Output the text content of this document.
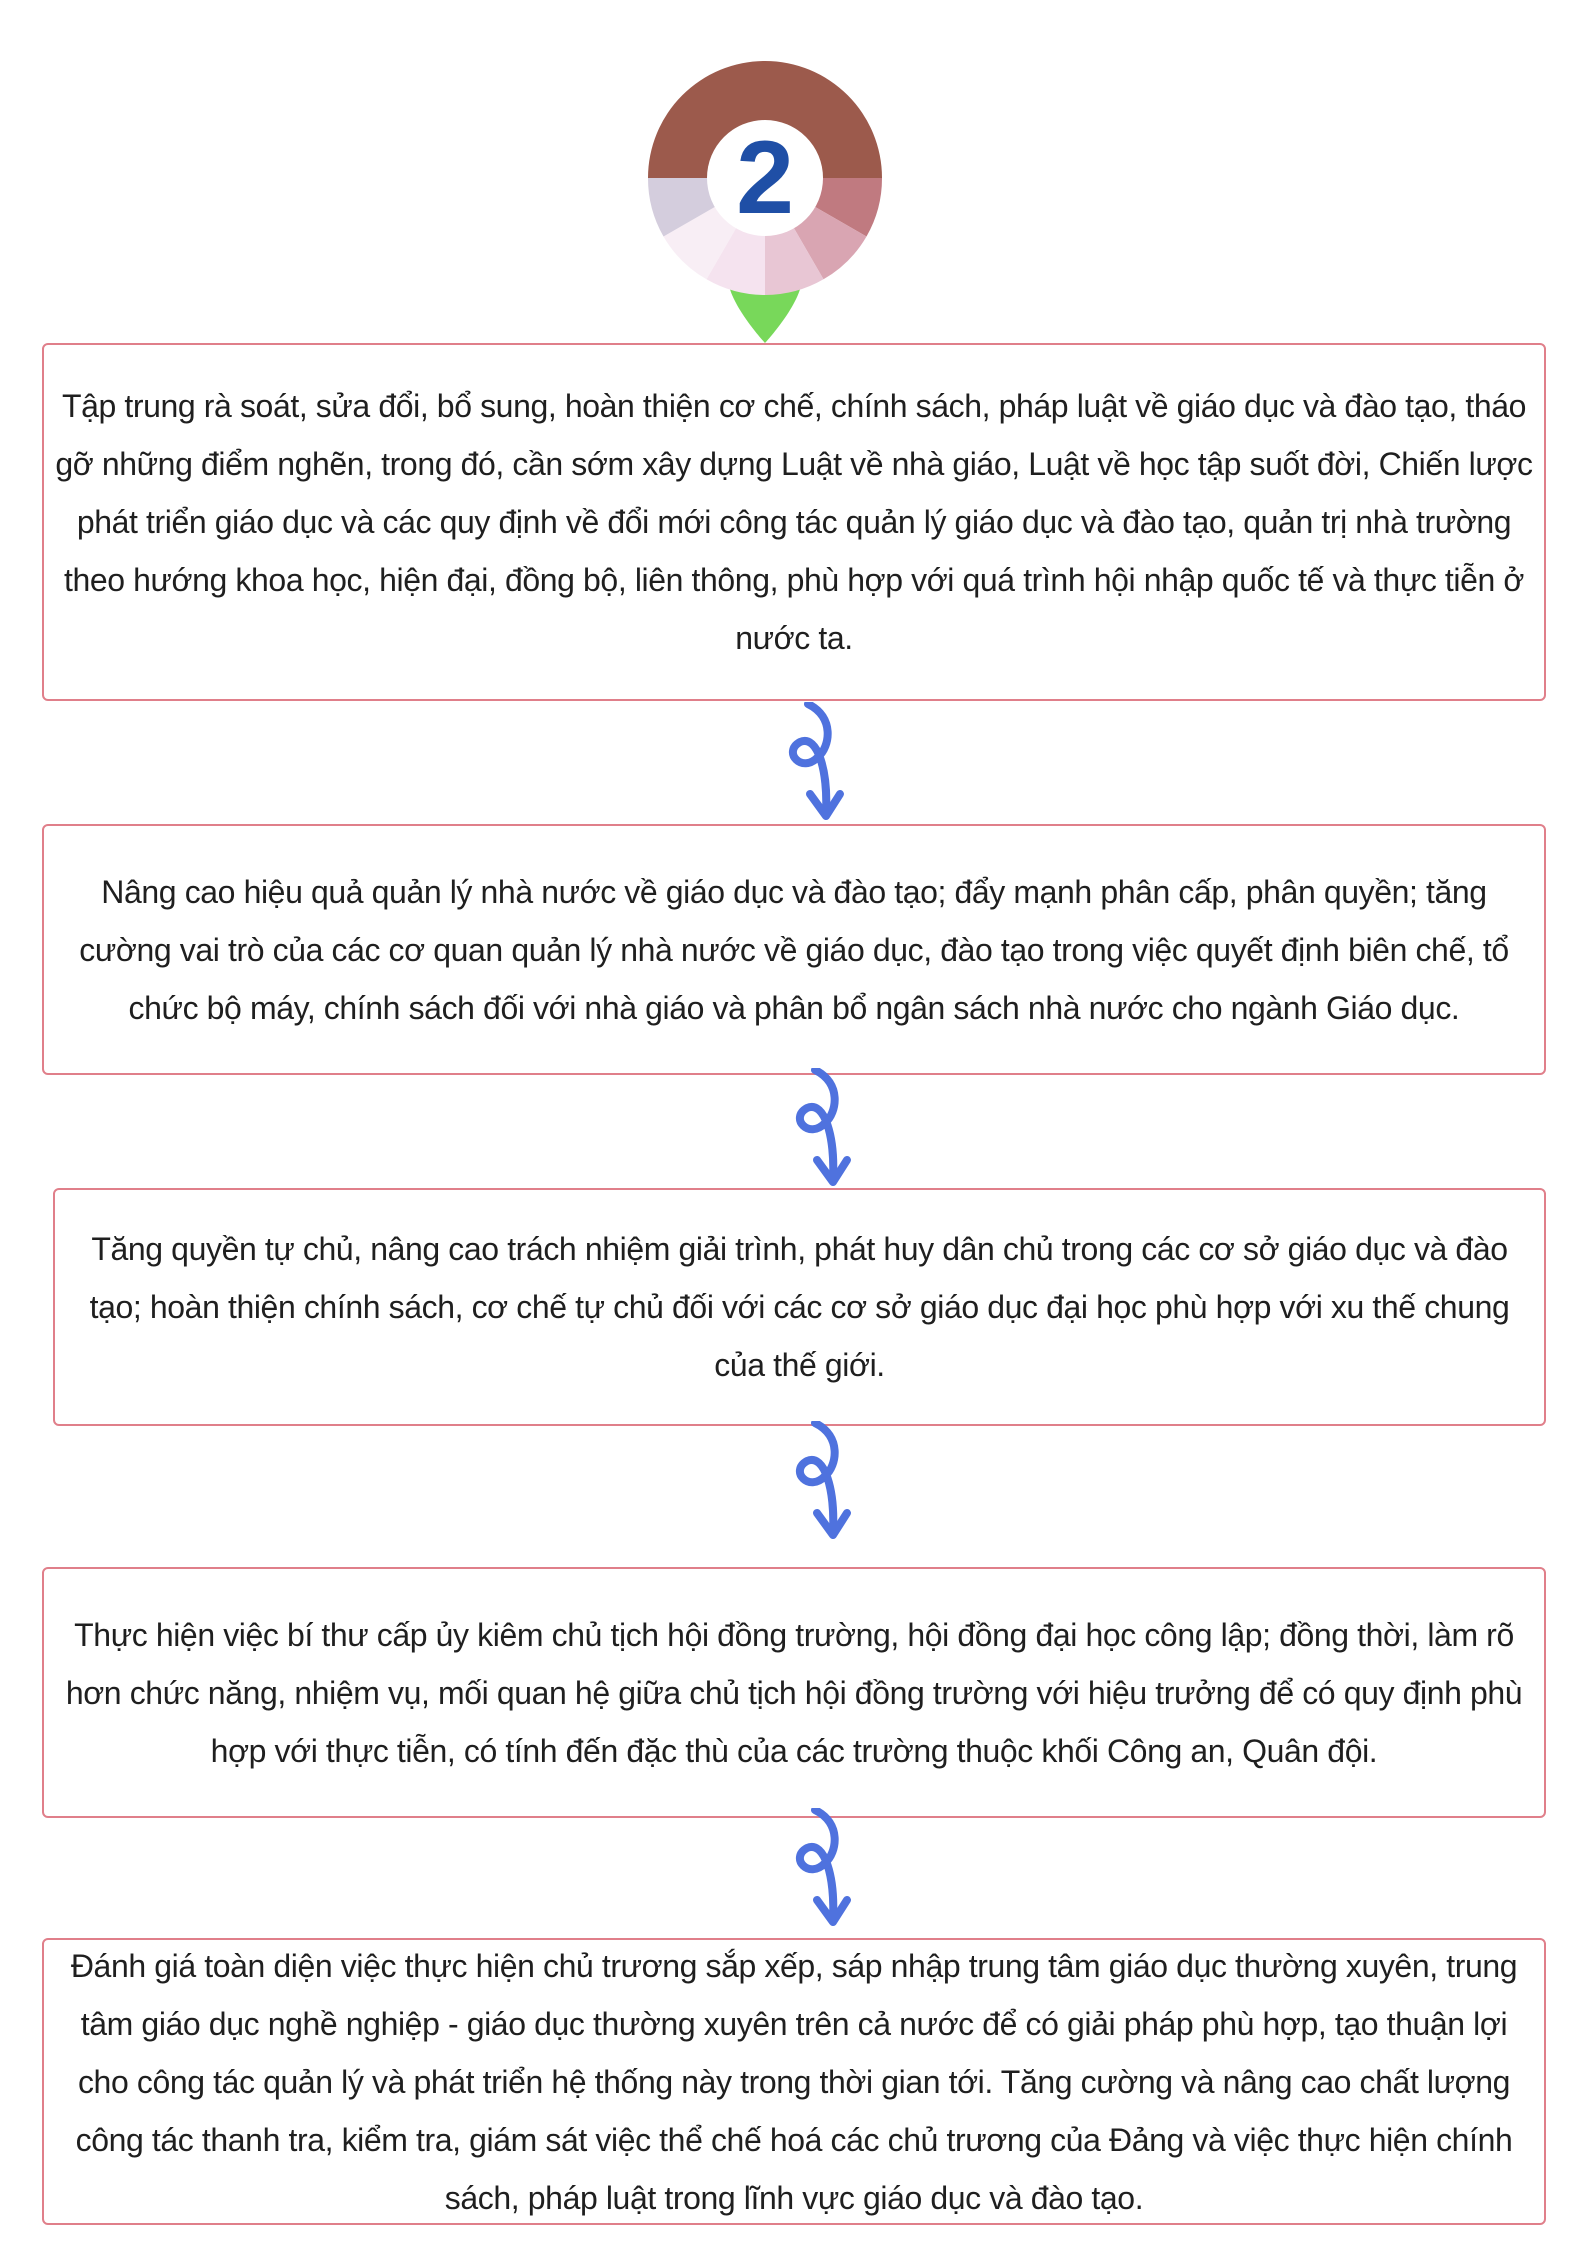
2
Tập trung rà soát, sửa đổi, bổ sung, hoàn thiện cơ chế, chính sách, pháp luật về giáo dục và đào tạo, tháo gỡ những điểm nghẽn, trong đó, cần sớm xây dựng Luật về nhà giáo, Luật về học tập suốt đời, Chiến lược phát triển giáo dục và các quy định về đổi mới công tác quản lý giáo dục và đào tạo, quản trị nhà trường theo hướng khoa học, hiện đại, đồng bộ, liên thông, phù hợp với quá trình hội nhập quốc tế và thực tiễn ở nước ta.
Nâng cao hiệu quả quản lý nhà nước về giáo dục và đào tạo; đẩy mạnh phân cấp, phân quyền; tăng cường vai trò của các cơ quan quản lý nhà nước về giáo dục, đào tạo trong việc quyết định biên chế, tổ chức bộ máy, chính sách đối với nhà giáo và phân bổ ngân sách nhà nước cho ngành Giáo dục.
Tăng quyền tự chủ, nâng cao trách nhiệm giải trình, phát huy dân chủ trong các cơ sở giáo dục và đào tạo; hoàn thiện chính sách, cơ chế tự chủ đối với các cơ sở giáo dục đại học phù hợp với xu thế chung của thế giới.
Thực hiện việc bí thư cấp ủy kiêm chủ tịch hội đồng trường, hội đồng đại học công lập; đồng thời, làm rõ hơn chức năng, nhiệm vụ, mối quan hệ giữa chủ tịch hội đồng trường với hiệu trưởng để có quy định phù hợp với thực tiễn, có tính đến đặc thù của các trường thuộc khối Công an, Quân đội.
Đánh giá toàn diện việc thực hiện chủ trương sắp xếp, sáp nhập trung tâm giáo dục thường xuyên, trung tâm giáo dục nghề nghiệp - giáo dục thường xuyên trên cả nước để có giải pháp phù hợp, tạo thuận lợi cho công tác quản lý và phát triển hệ thống này trong thời gian tới. Tăng cường và nâng cao chất lượng công tác thanh tra, kiểm tra, giám sát việc thể chế hoá các chủ trương của Đảng và việc thực hiện chính sách, pháp luật trong lĩnh vực giáo dục và đào tạo.
